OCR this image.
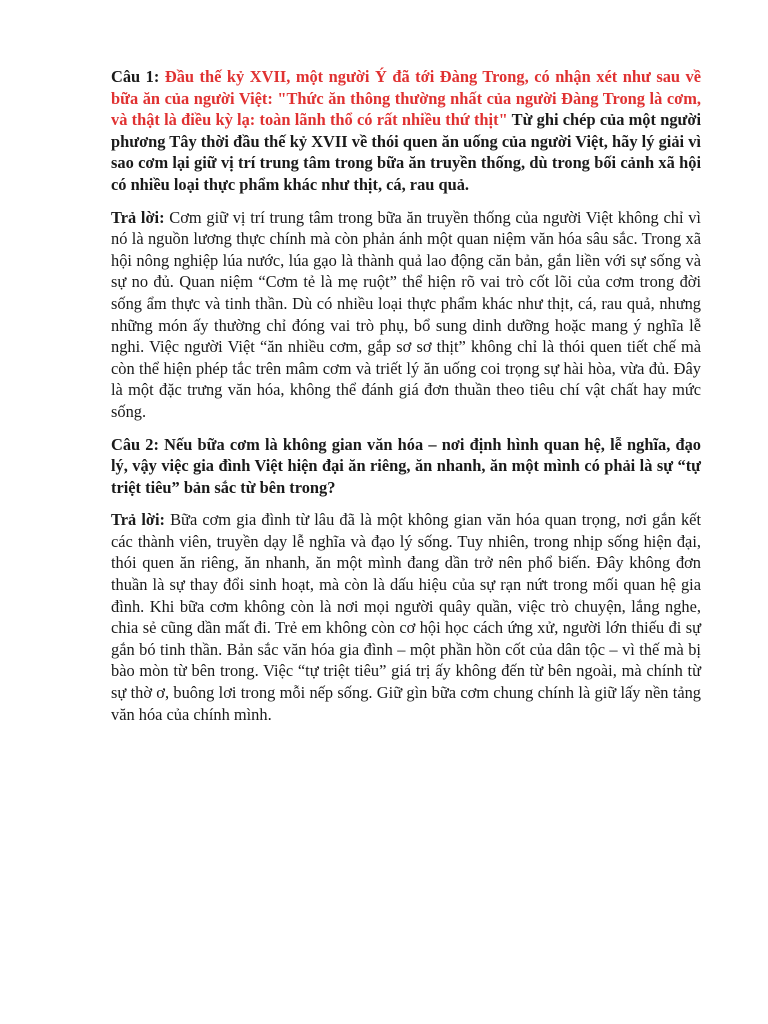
Câu 1: Đầu thế kỷ XVII, một người Ý đã tới Đàng Trong, có nhận xét như sau về bữa ăn của người Việt: "Thức ăn thông thường nhất của người Đàng Trong là cơm, và thật là điều kỳ lạ: toàn lãnh thổ có rất nhiều thứ thịt" Từ ghi chép của một người phương Tây thời đầu thế kỷ XVII về thói quen ăn uống của người Việt, hãy lý giải vì sao cơm lại giữ vị trí trung tâm trong bữa ăn truyền thống, dù trong bối cảnh xã hội có nhiều loại thực phẩm khác như thịt, cá, rau quả.

Trả lời: Cơm giữ vị trí trung tâm trong bữa ăn truyền thống của người Việt không chỉ vì nó là nguồn lương thực chính mà còn phản ánh một quan niệm văn hóa sâu sắc. Trong xã hội nông nghiệp lúa nước, lúa gạo là thành quả lao động căn bản, gắn liền với sự sống và sự no đủ. Quan niệm “Cơm tẻ là mẹ ruột” thể hiện rõ vai trò cốt lõi của cơm trong đời sống ẩm thực và tinh thần. Dù có nhiều loại thực phẩm khác như thịt, cá, rau quả, nhưng những món ấy thường chỉ đóng vai trò phụ, bổ sung dinh dưỡng hoặc mang ý nghĩa lễ nghi. Việc người Việt “ăn nhiều cơm, gắp sơ sơ thịt” không chỉ là thói quen tiết chế mà còn thể hiện phép tắc trên mâm cơm và triết lý ăn uống coi trọng sự hài hòa, vừa đủ. Đây là một đặc trưng văn hóa, không thể đánh giá đơn thuần theo tiêu chí vật chất hay mức sống.

Câu 2: Nếu bữa cơm là không gian văn hóa – nơi định hình quan hệ, lễ nghĩa, đạo lý, vậy việc gia đình Việt hiện đại ăn riêng, ăn nhanh, ăn một mình có phải là sự “tự triệt tiêu” bản sắc từ bên trong?

Trả lời: Bữa cơm gia đình từ lâu đã là một không gian văn hóa quan trọng, nơi gắn kết các thành viên, truyền dạy lễ nghĩa và đạo lý sống. Tuy nhiên, trong nhịp sống hiện đại, thói quen ăn riêng, ăn nhanh, ăn một mình đang dần trở nên phổ biến. Đây không đơn thuần là sự thay đổi sinh hoạt, mà còn là dấu hiệu của sự rạn nứt trong mối quan hệ gia đình. Khi bữa cơm không còn là nơi mọi người quây quần, việc trò chuyện, lắng nghe, chia sẻ cũng dần mất đi. Trẻ em không còn cơ hội học cách ứng xử, người lớn thiếu đi sự gắn bó tinh thần. Bản sắc văn hóa gia đình – một phần hồn cốt của dân tộc – vì thế mà bị bào mòn từ bên trong. Việc “tự triệt tiêu” giá trị ấy không đến từ bên ngoài, mà chính từ sự thờ ơ, buông lơi trong mỗi nếp sống. Giữ gìn bữa cơm chung chính là giữ lấy nền tảng văn hóa của chính mình.
